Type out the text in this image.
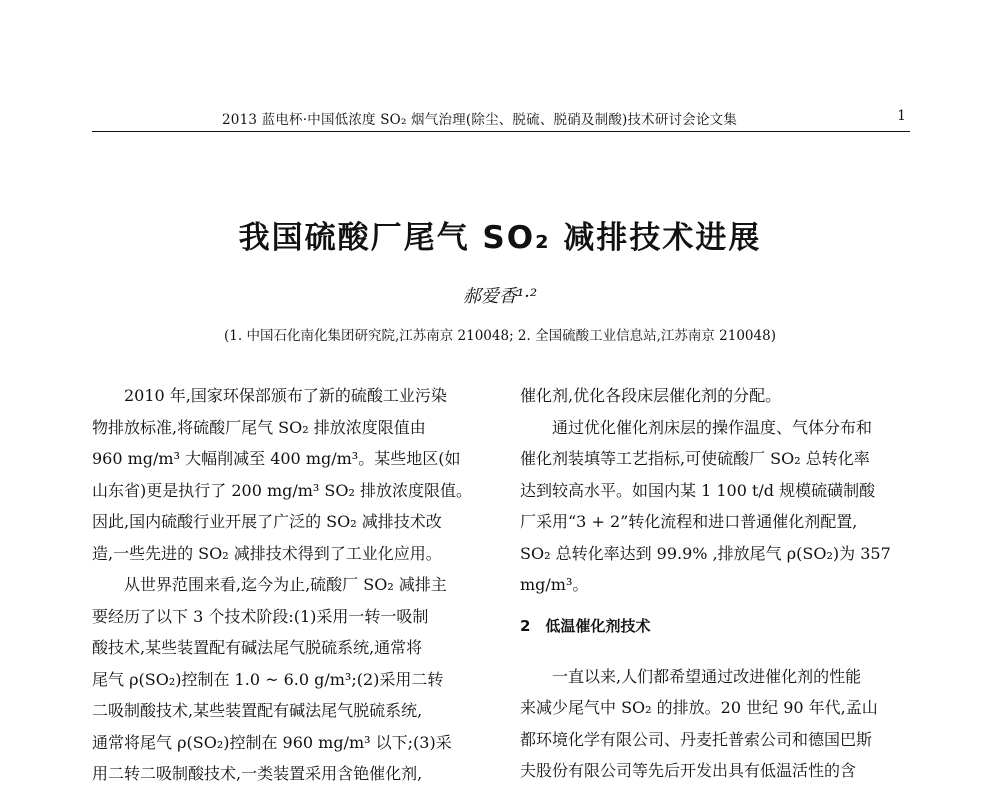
2013 蓝电杯·中国低浓度 SO₂ 烟气治理(除尘、脱硫、脱硝及制酸)技术研讨会论文集	1
我国硫酸厂尾气 SO₂ 减排技术进展
郝爱香¹·²
(1. 中国石化南化集团研究院,江苏南京 210048; 2. 全国硫酸工业信息站,江苏南京 210048)
　　2010 年,国家环保部颁布了新的硫酸工业污染
物排放标准,将硫酸厂尾气 SO₂ 排放浓度限值由
960 mg/m³ 大幅削减至 400 mg/m³。某些地区(如
山东省)更是执行了 200 mg/m³ SO₂ 排放浓度限值。
因此,国内硫酸行业开展了广泛的 SO₂ 减排技术改
造,一些先进的 SO₂ 减排技术得到了工业化应用。
　　从世界范围来看,迄今为止,硫酸厂 SO₂ 减排主
要经历了以下 3 个技术阶段:(1)采用一转一吸制
酸技术,某些装置配有碱法尾气脱硫系统,通常将
尾气 ρ(SO₂)控制在 1.0 ~ 6.0 g/m³;(2)采用二转
二吸制酸技术,某些装置配有碱法尾气脱硫系统,
通常将尾气 ρ(SO₂)控制在 960 mg/m³ 以下;(3)采
用二转二吸制酸技术,一类装置采用含铯催化剂,
催化剂,优化各段床层催化剂的分配。
　　通过优化催化剂床层的操作温度、气体分布和
催化剂装填等工艺指标,可使硫酸厂 SO₂ 总转化率
达到较高水平。如国内某 1 100 t/d 规模硫磺制酸
厂采用“3 + 2”转化流程和进口普通催化剂配置,
SO₂ 总转化率达到 99.9% ,排放尾气 ρ(SO₂)为 357
mg/m³。
2　低温催化剂技术
　　一直以来,人们都希望通过改进催化剂的性能
来减少尾气中 SO₂ 的排放。20 世纪 90 年代,孟山
都环境化学有限公司、丹麦托普索公司和德国巴斯
夫股份有限公司等先后开发出具有低温活性的含
